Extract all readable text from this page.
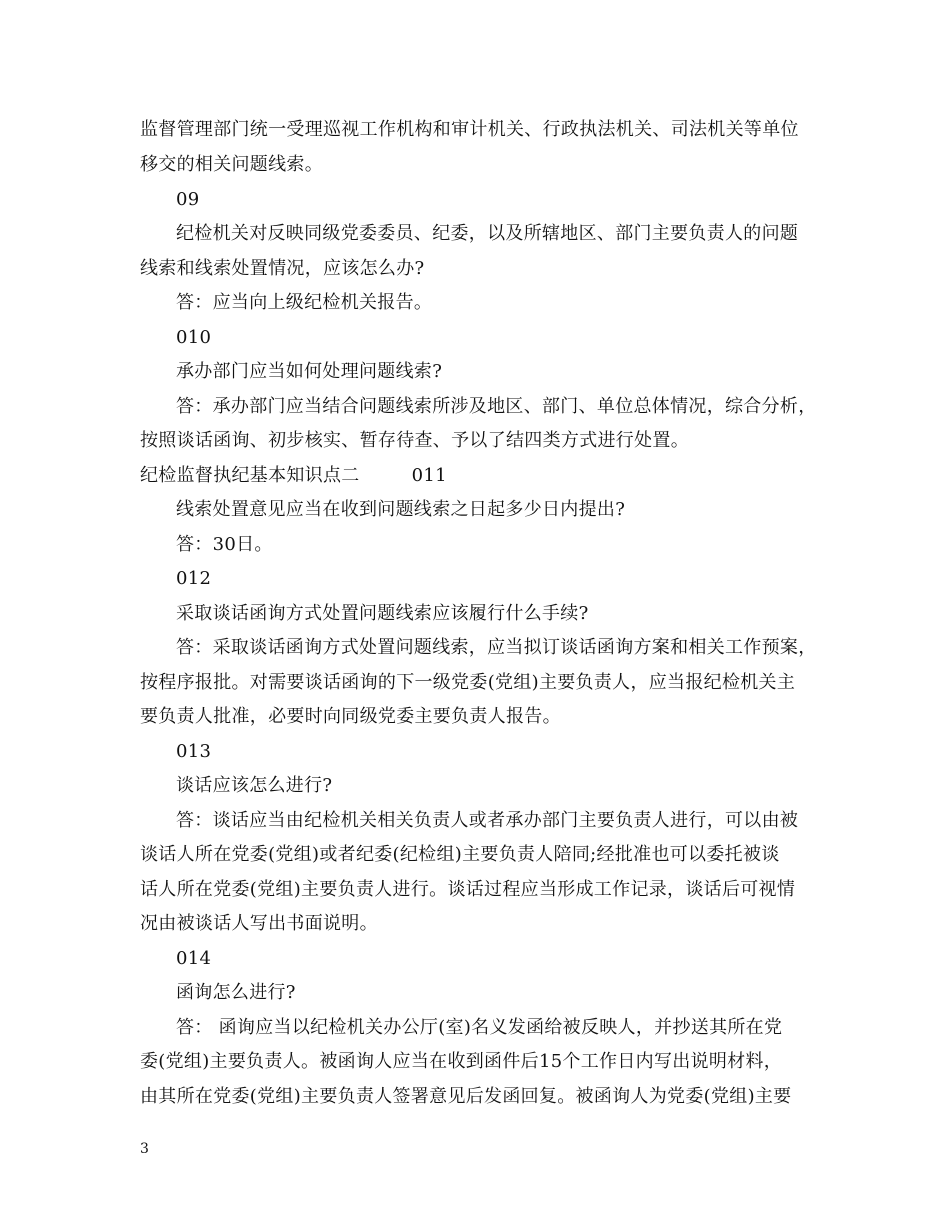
监督管理部门统一受理巡视工作机构和审计机关、行政执法机关、司法机关等单位
移交的相关问题线索。
09
纪检机关对反映同级党委委员、纪委，以及所辖地区、部门主要负责人的问题
线索和线索处置情况，应该怎么办?
答：应当向上级纪检机关报告。
010
承办部门应当如何处理问题线索?
答：承办部门应当结合问题线索所涉及地区、部门、单位总体情况，综合分析，
按照谈话函询、初步核实、暂存待查、予以了结四类方式进行处置。
纪检监督执纪基本知识点二	011
线索处置意见应当在收到问题线索之日起多少日内提出?
答：30日。
012
采取谈话函询方式处置问题线索应该履行什么手续?
答：采取谈话函询方式处置问题线索，应当拟订谈话函询方案和相关工作预案，
按程序报批。对需要谈话函询的下一级党委(党组)主要负责人，应当报纪检机关主
要负责人批准，必要时向同级党委主要负责人报告。
013
谈话应该怎么进行?
答：谈话应当由纪检机关相关负责人或者承办部门主要负责人进行，可以由被
谈话人所在党委(党组)或者纪委(纪检组)主要负责人陪同;经批准也可以委托被谈
话人所在党委(党组)主要负责人进行。谈话过程应当形成工作记录，谈话后可视情
况由被谈话人写出书面说明。
014
函询怎么进行?
答： 函询应当以纪检机关办公厅(室)名义发函给被反映人，并抄送其所在党
委(党组)主要负责人。被函询人应当在收到函件后15个工作日内写出说明材料，
由其所在党委(党组)主要负责人签署意见后发函回复。被函询人为党委(党组)主要
3
